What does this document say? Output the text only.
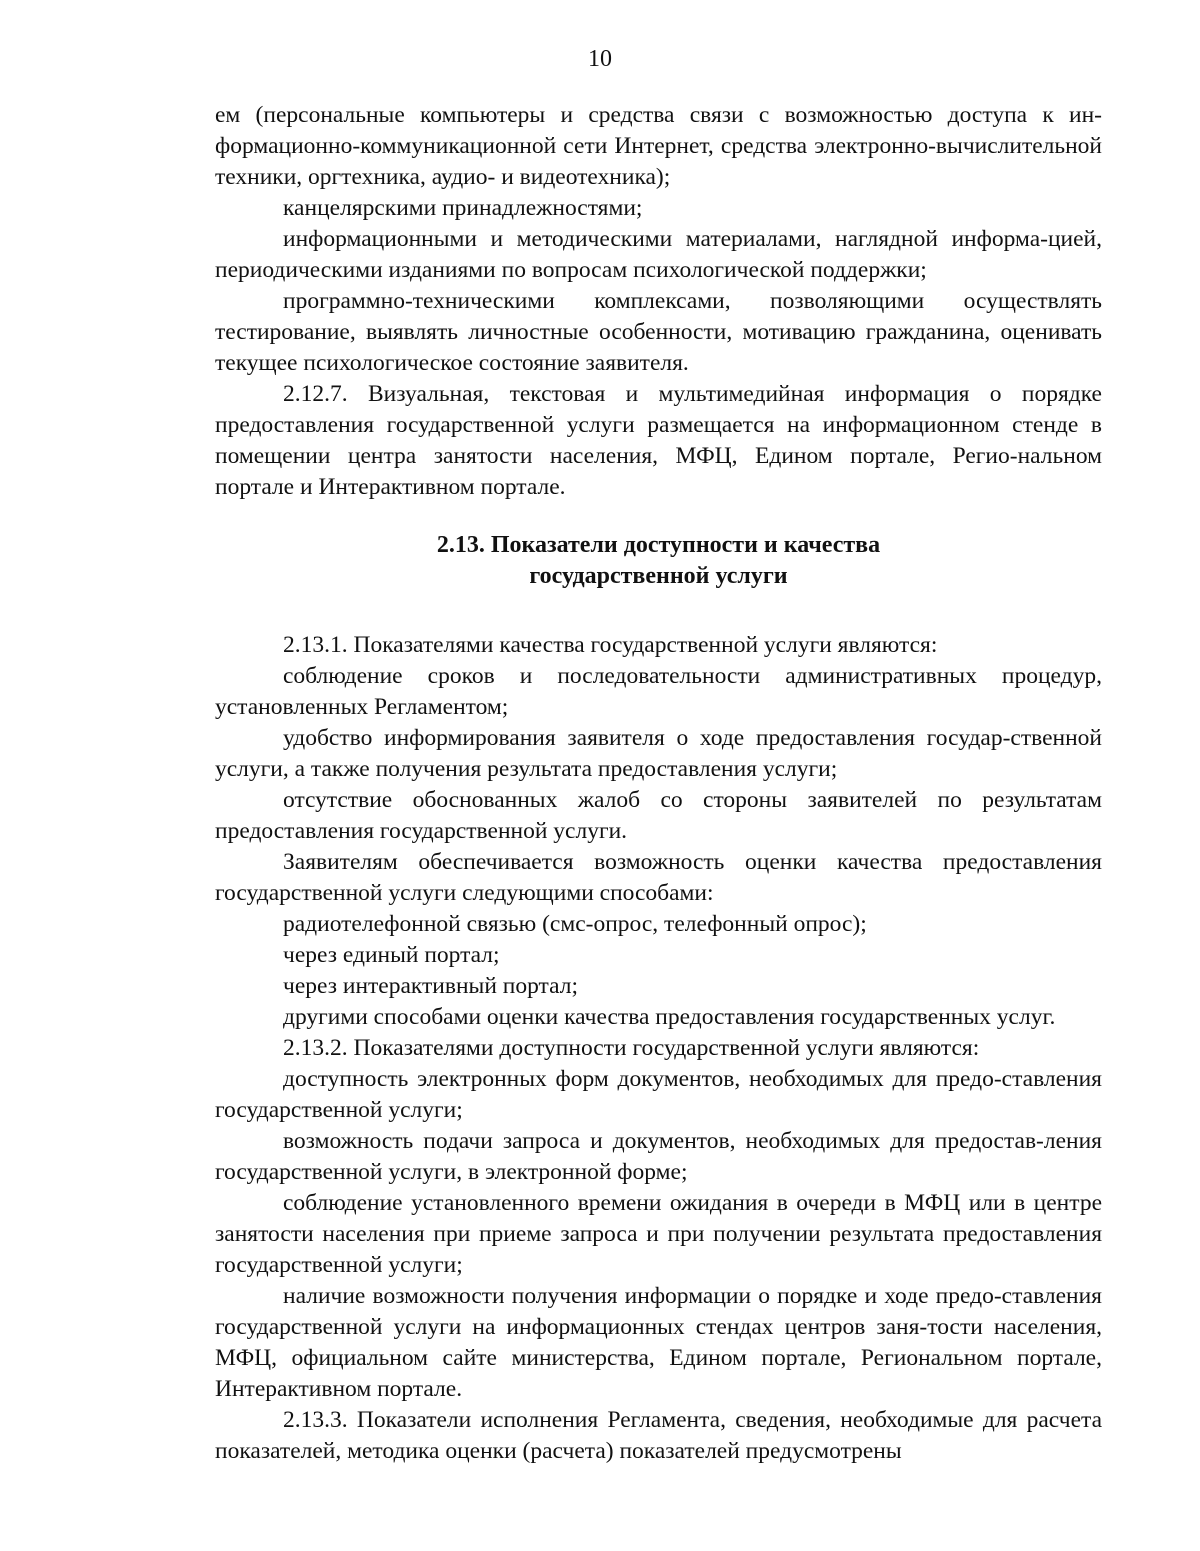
10

ем (персональные компьютеры и средства связи с возможностью доступа к ин-формационно-коммуникационной сети Интернет, средства электронно-вычислительной техники, оргтехника, аудио- и видеотехника);

канцелярскими принадлежностями;

информационными и методическими материалами, наглядной информа-цией, периодическими изданиями по вопросам психологической поддержки;

программно-техническими комплексами, позволяющими осуществлять тестирование, выявлять личностные особенности, мотивацию гражданина, оценивать текущее психологическое состояние заявителя.

2.12.7. Визуальная, текстовая и мультимедийная информация о порядке предоставления государственной услуги размещается на информационном стенде в помещении центра занятости населения, МФЦ, Едином портале, Регио-нальном портале и Интерактивном портале.

2.13. Показатели доступности и качества
государственной услуги

2.13.1. Показателями качества государственной услуги являются:

соблюдение сроков и последовательности административных процедур, установленных Регламентом;

удобство информирования заявителя о ходе предоставления государ-ственной услуги, а также получения результата предоставления услуги;

отсутствие обоснованных жалоб со стороны заявителей по результатам предоставления государственной услуги.

Заявителям обеспечивается возможность оценки качества предоставления государственной услуги следующими способами:

радиотелефонной связью (смс-опрос, телефонный опрос);

через единый портал;

через интерактивный портал;

другими способами оценки качества предоставления государственных услуг.

2.13.2. Показателями доступности государственной услуги являются:

доступность электронных форм документов, необходимых для предо-ставления государственной услуги;

возможность подачи запроса и документов, необходимых для предостав-ления государственной услуги, в электронной форме;

соблюдение установленного времени ожидания в очереди в МФЦ или в центре занятости населения при приеме запроса и при получении результата предоставления государственной услуги;

наличие возможности получения информации о порядке и ходе предо-ставления государственной услуги на информационных стендах центров заня-тости населения, МФЦ, официальном сайте министерства, Едином портале, Региональном портале, Интерактивном портале.

2.13.3. Показатели исполнения Регламента, сведения, необходимые для расчета показателей, методика оценки (расчета) показателей предусмотрены
